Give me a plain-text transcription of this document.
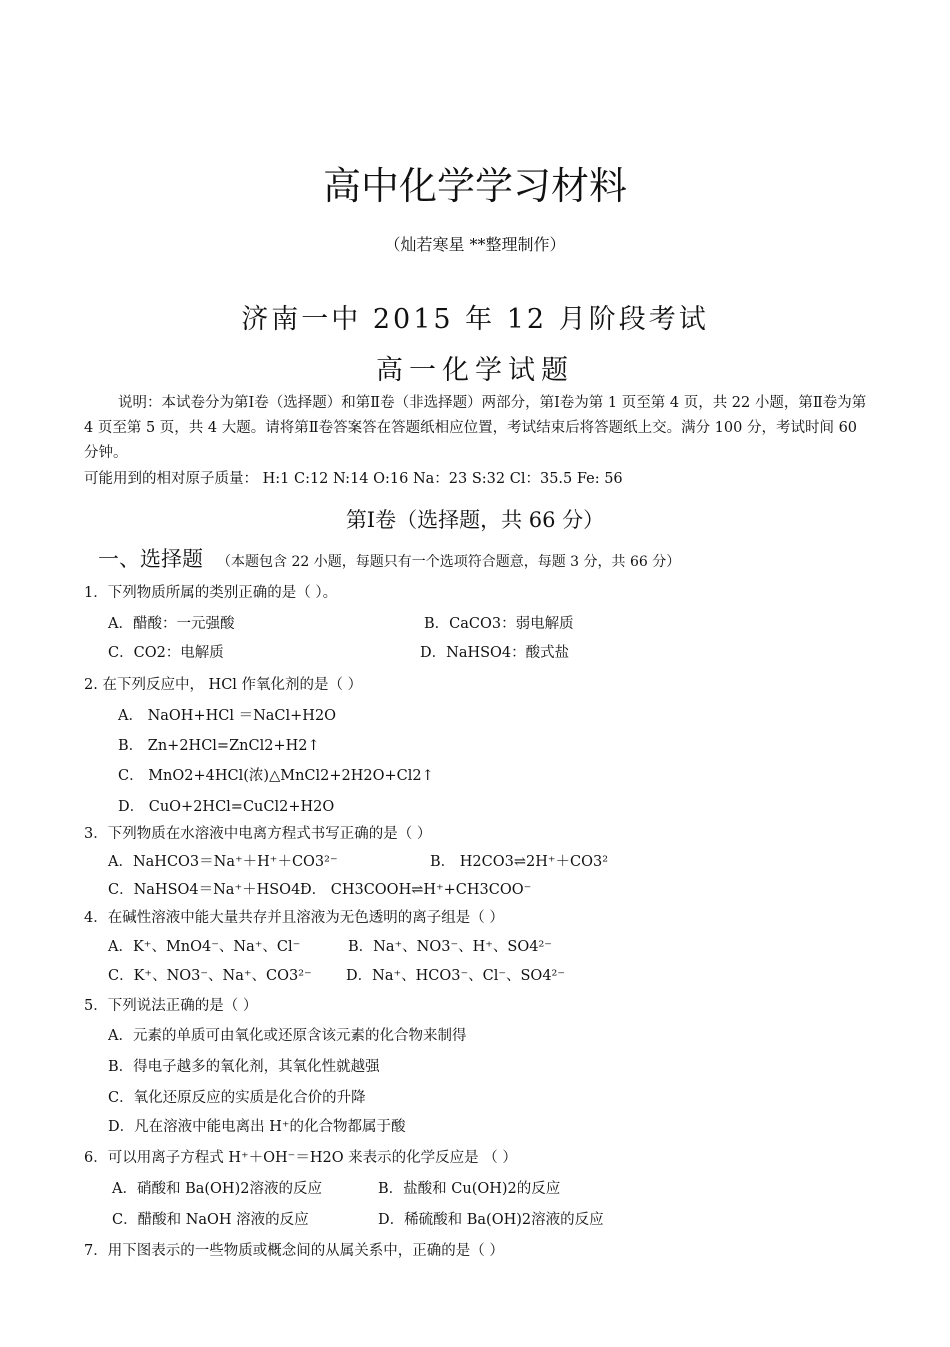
高中化学学习材料
（灿若寒星 **整理制作）
济南一中 2015 年 12 月阶段考试
高一化学试题
说明：本试卷分为第Ⅰ卷（选择题）和第Ⅱ卷（非选择题）两部分，第Ⅰ卷为第 1 页至第 4 页，共 22 小题，第Ⅱ卷为第 4 页至第 5 页，共 4 大题。请将第Ⅱ卷答案答在答题纸相应位置，考试结束后将答题纸上交。满分 100 分，考试时间 60 分钟。
可能用到的相对原子质量： H:1 C:12 N:14 O:16 Na：23 S:32 Cl：35.5 Fe: 56
第Ⅰ卷（选择题，共 66 分）
一、选择题 （本题包含 22 小题，每题只有一个选项符合题意，每题 3 分，共 66 分）
1．下列物质所属的类别正确的是（ ）。
A．醋酸：一元强酸	B．CaCO3：弱电解质
C．CO2：电解质	D．NaHSO4：酸式盐
2. 在下列反应中， HCl 作氧化剂的是（ ）
A． NaOH+HCl ＝NaCl+H2O
B． Zn+2HCl=ZnCl2+H2↑
C． MnO2+4HCl(浓)△MnCl2+2H2O+Cl2↑
D． CuO+2HCl=CuCl2+H2O
3．下列物质在水溶液中电离方程式书写正确的是（ ）
A．NaHCO3＝Na⁺＋H⁺＋CO3²⁻	B． H2CO3⇌2H⁺＋CO3²
C．NaHSO4＝Na⁺＋HSO4⁻
D． CH3COOH⇌H⁺+CH3COO⁻
4．在碱性溶液中能大量共存并且溶液为无色透明的离子组是（ ）
A．K⁺、MnO4⁻、Na⁺、Cl⁻	B．Na⁺、NO3⁻、H⁺、SO4²⁻
C．K⁺、NO3⁻、Na⁺、CO3²⁻ D．Na⁺、HCO3⁻、Cl⁻、SO4²⁻
5．下列说法正确的是（ ）
A．元素的单质可由氧化或还原含该元素的化合物来制得
B．得电子越多的氧化剂，其氧化性就越强
C．氧化还原反应的实质是化合价的升降
D．凡在溶液中能电离出 H⁺的化合物都属于酸
6．可以用离子方程式 H⁺＋OH⁻＝H2O 来表示的化学反应是 （ ）
A．硝酸和 Ba(OH)2溶液的反应	B．盐酸和 Cu(OH)2的反应
C．醋酸和 NaOH 溶液的反应	D．稀硫酸和 Ba(OH)2溶液的反应
7．用下图表示的一些物质或概念间的从属关系中，正确的是（ ）
